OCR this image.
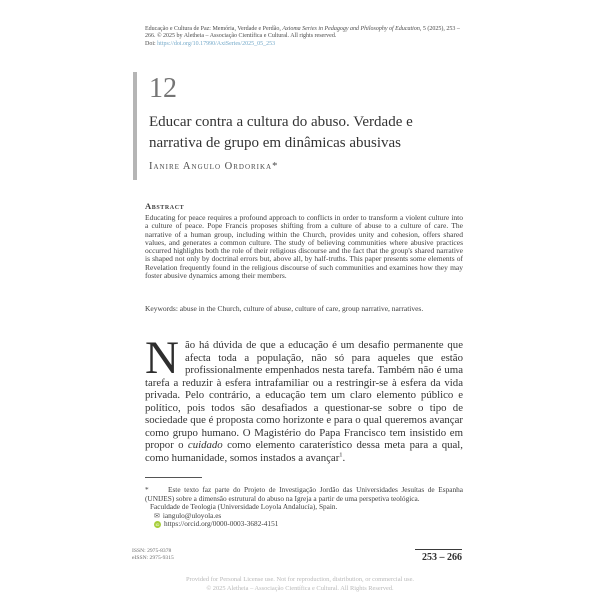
Educação e Cultura de Paz: Memória, Verdade e Perdão, Axioma Series in Pedagogy and Philosophy of Education, 5 (2025), 253 – 266. © 2025 by Aletheia – Associação Científica e Cultural. All rights reserved.
Doi: https://doi.org/10.17990/AxiSeries/2025_05_253
12
Educar contra a cultura do abuso. Verdade e narrativa de grupo em dinâmicas abusivas
Ianire Angulo Ordorika*
Abstract
Educating for peace requires a profound approach to conflicts in order to transform a violent culture into a culture of peace. Pope Francis proposes shifting from a culture of abuse to a culture of care. The narrative of a human group, including within the Church, provides unity and cohesion, offers shared values, and generates a common culture. The study of believing communities where abusive practices occurred highlights both the role of their religious discourse and the fact that the group's shared narrative is shaped not only by doctrinal errors but, above all, by half-truths. This paper presents some elements of Revelation frequently found in the religious discourse of such communities and examines how they may foster abusive dynamics among their members.
Keywords: abuse in the Church, culture of abuse, culture of care, group narrative, narratives.
Não há dúvida de que a educação é um desafio permanente que afecta toda a população, não só para aqueles que estão profissionalmente empenhados nesta tarefa. Também não é uma tarefa a reduzir à esfera intrafamiliar ou a restringir-se à esfera da vida privada. Pelo contrário, a educação tem um claro elemento público e político, pois todos são desafiados a questionar-se sobre o tipo de sociedade que é proposta como horizonte e para o qual queremos avançar como grupo humano. O Magistério do Papa Francisco tem insistido em propor o cuidado como elemento caraterístico dessa meta para a qual, como humanidade, somos instados a avançar$^1$.
*	Este texto faz parte do Projeto de Investigação Jordão das Universidades Jesuítas de Espanha (UNIJES) sobre a dimensão estrutural do abuso na Igreja a partir de uma perspetiva teológica.
Faculdade de Teologia (Universidade Loyola Andalucía), Spain.
✉ iangulo@uloyola.es
iD https://orcid.org/0000-0003-3682-4151
ISSN: 2975-8378
eISSN: 2975-9315	253 – 266
Provided for Personal License use. Not for reproduction, distribution, or commercial use.
© 2025 Aletheia – Associação Científica e Cultural. All Rights Reserved.
